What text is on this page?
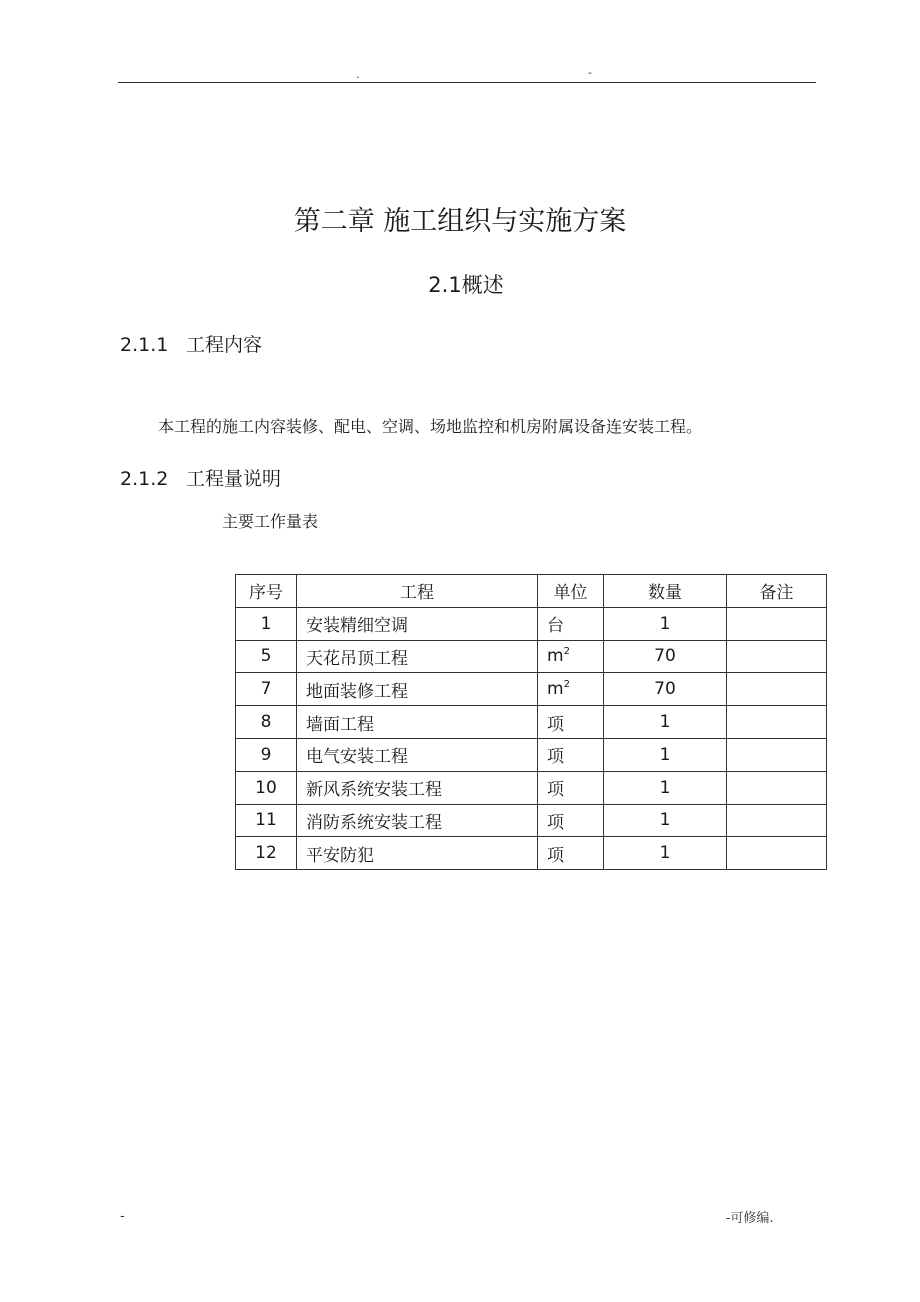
.	-
第二章 施工组织与实施方案
2.1概述
2.1.1 工程内容
本工程的施工内容装修、配电、空调、场地监控和机房附属设备连安装工程。
2.1.2 工程量说明
主要工作量表
序号	工程	单位	数量	备注
1	安装精细空调	台	1	
5	天花吊顶工程	$m^2$	70	
7	地面装修工程	$m^2$	70	
8	墙面工程	项	1	
9	电气安装工程	项	1	
10	新风系统安装工程	项	1	
11	消防系统安装工程	项	1	
12	平安防犯	项	1	
-	-可修编.
